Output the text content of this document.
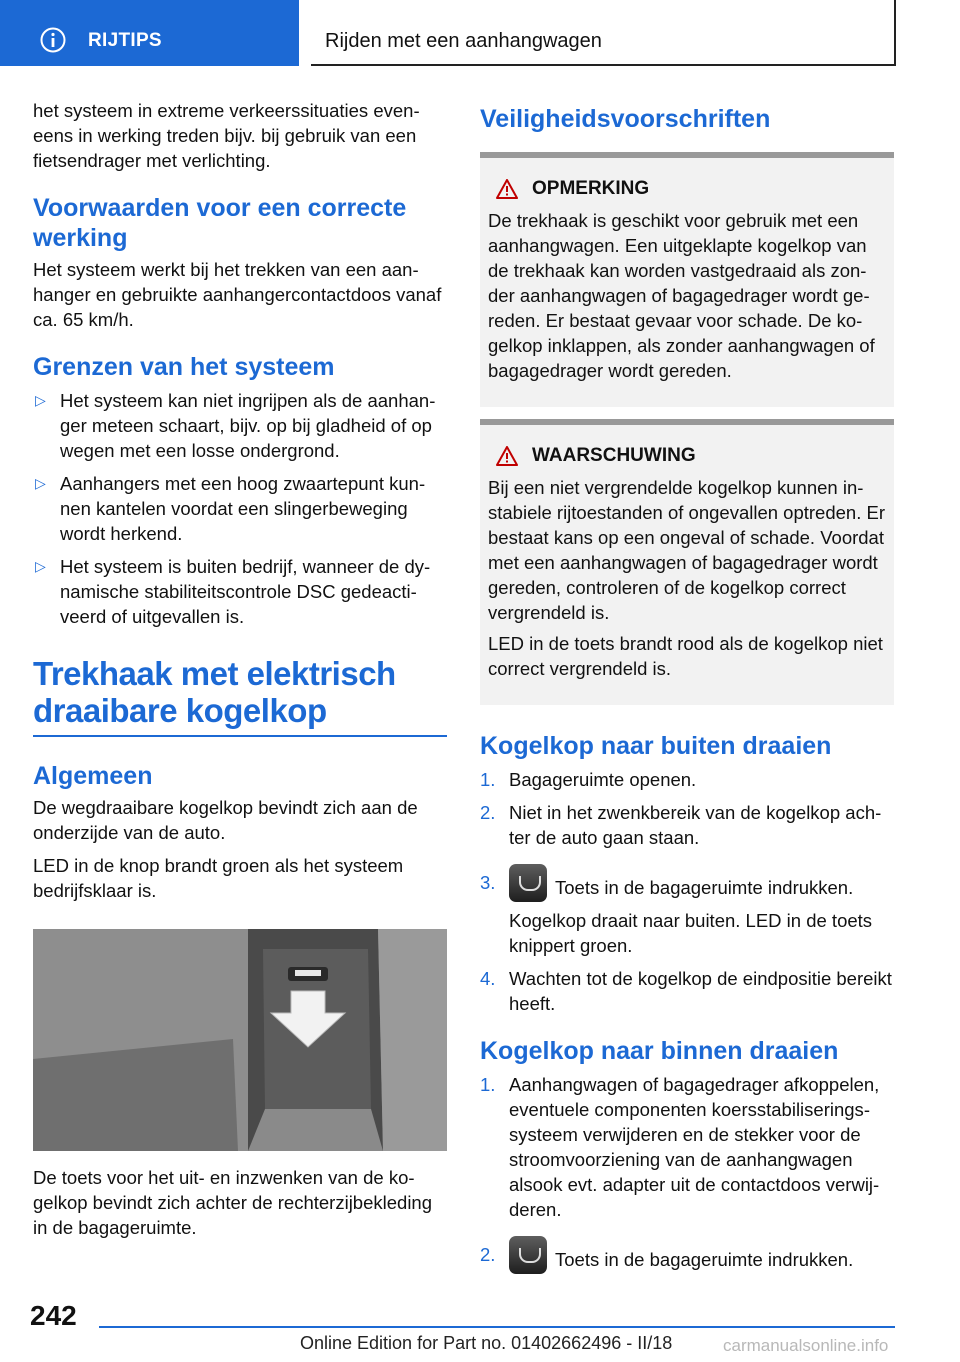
RIJTIPS	Rijden met een aanhangwagen

het systeem in extreme verkeerssituaties eveneens in werking treden bijv. bij gebruik van een fietsendrager met verlichting.

Voorwaarden voor een correcte werking

Het systeem werkt bij het trekken van een aanhanger en gebruikte aanhangercontactdoos vanaf ca. 65 km/h.

Grenzen van het systeem
▷ Het systeem kan niet ingrijpen als de aanhanger meteen schaart, bijv. op bij gladheid of op wegen met een losse ondergrond.
▷ Aanhangers met een hoog zwaartepunt kunnen kantelen voordat een slingerbeweging wordt herkend.
▷ Het systeem is buiten bedrijf, wanneer de dynamische stabiliteitscontrole DSC gedeactiveerd of uitgevallen is.
Trekhaak met elektrisch draaibare kogelkop
Algemeen

De wegdraaibare kogelkop bevindt zich aan de onderzijde van de auto.

LED in de knop brandt groen als het systeem bedrijfsklaar is.

De toets voor het uit- en inzwenken van de kogelkop bevindt zich achter de rechterzijbekleding in de bagageruimte.

Veiligheidsvoorschriften
OPMERKING

De trekhaak is geschikt voor gebruik met een aanhangwagen. Een uitgeklapte kogelkop van de trekhaak kan worden vastgedraaid als zonder aanhangwagen of bagagedrager wordt gereden. Er bestaat gevaar voor schade. De kogelkop inklappen, als zonder aanhangwagen of bagagedrager wordt gereden.

WAARSCHUWING

Bij een niet vergrendelde kogelkop kunnen instabiele rijtoestanden of ongevallen optreden. Er bestaat kans op een ongeval of schade. Voordat met een aanhangwagen of bagagedrager wordt gereden, controleren of de kogelkop correct vergrendeld is.

LED in de toets brandt rood als de kogelkop niet correct vergrendeld is.

Kogelkop naar buiten draaien
1. Bagageruimte openen.
2. Niet in het zwenkbereik van de kogelkop achter de auto gaan staan.
3.	Toets in de bagageruimte indrukken.
Kogelkop draait naar buiten. LED in de toets knippert groen.
4. Wachten tot de kogelkop de eindpositie bereikt heeft.
Kogelkop naar binnen draaien
1. Aanhangwagen of bagagedrager afkoppelen, eventuele componenten koersstabiliseringssysteem verwijderen en de stekker voor de stroomvoorziening van de aanhangwagen alsook evt. adapter uit de contactdoos verwijderen.
2.	Toets in de bagageruimte indrukken.
242
Online Edition for Part no. 01402662496 - II/18	carmanualsonline.info
